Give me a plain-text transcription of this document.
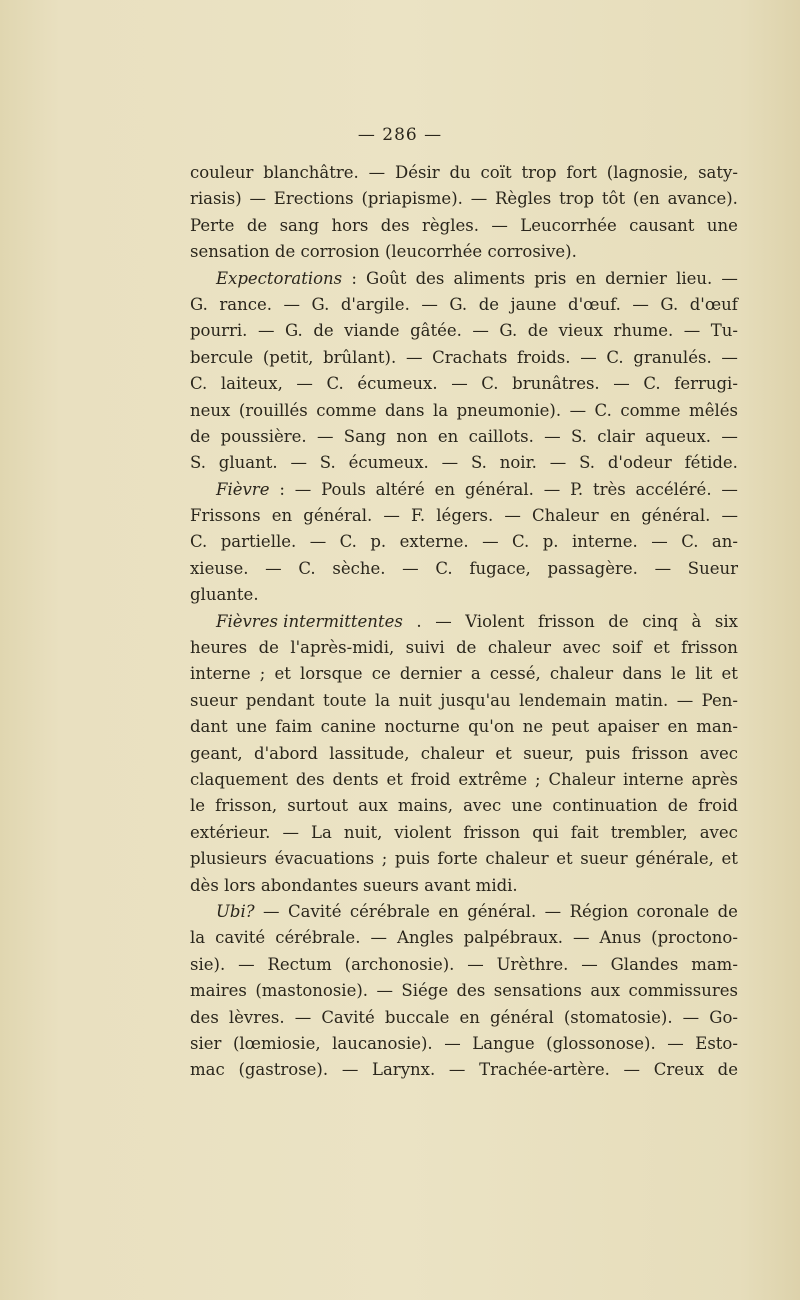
— 286 —
couleur blanchâtre. — Désir du coït trop fort (lagnosie, saty-
riasis) — Erections (priapisme). — Règles trop tôt (en avance).
Perte de sang hors des règles. — Leucorrhée causant une
sensation de corrosion (leucorrhée corrosive).
Expectorations : Goût des aliments pris en dernier lieu. —
G. rance. — G. d'argile. — G. de jaune d'œuf. — G. d'œuf
pourri. — G. de viande gâtée. — G. de vieux rhume. — Tu-
bercule (petit, brûlant). — Crachats froids. — C. granulés. —
C. laiteux, — C. écumeux. — C. brunâtres. — C. ferrugi-
neux (rouillés comme dans la pneumonie). — C. comme mêlés
de poussière. — Sang non en caillots. — S. clair aqueux. —
S. gluant. — S. écumeux. — S. noir. — S. d'odeur fétide.
Fièvre : — Pouls altéré en général. — P. très accéléré. —
Frissons en général. — F. légers. — Chaleur en général. —
C. partielle. — C. p. externe. — C. p. interne. — C. an-
xieuse. — C. sèche. — C. fugace, passagère. — Sueur
gluante.
Fièvres intermittentes . — Violent frisson de cinq à six
heures de l'après-midi, suivi de chaleur avec soif et frisson
interne ; et lorsque ce dernier a cessé, chaleur dans le lit et
sueur pendant toute la nuit jusqu'au lendemain matin. — Pen-
dant une faim canine nocturne qu'on ne peut apaiser en man-
geant, d'abord lassitude, chaleur et sueur, puis frisson avec
claquement des dents et froid extrême ; Chaleur interne après
le frisson, surtout aux mains, avec une continuation de froid
extérieur. — La nuit, violent frisson qui fait trembler, avec
plusieurs évacuations ; puis forte chaleur et sueur générale, et
dès lors abondantes sueurs avant midi.
Ubi? — Cavité cérébrale en général. — Région coronale de
la cavité cérébrale. — Angles palpébraux. — Anus (proctono-
sie). — Rectum (archonosie). — Urèthre. — Glandes mam-
maires (mastonosie). — Siége des sensations aux commissures
des lèvres. — Cavité buccale en général (stomatosie). — Go-
sier (lœmiosie, laucanosie). — Langue (glossonose). — Esto-
mac (gastrose). — Larynx. — Trachée-artère. — Creux de
